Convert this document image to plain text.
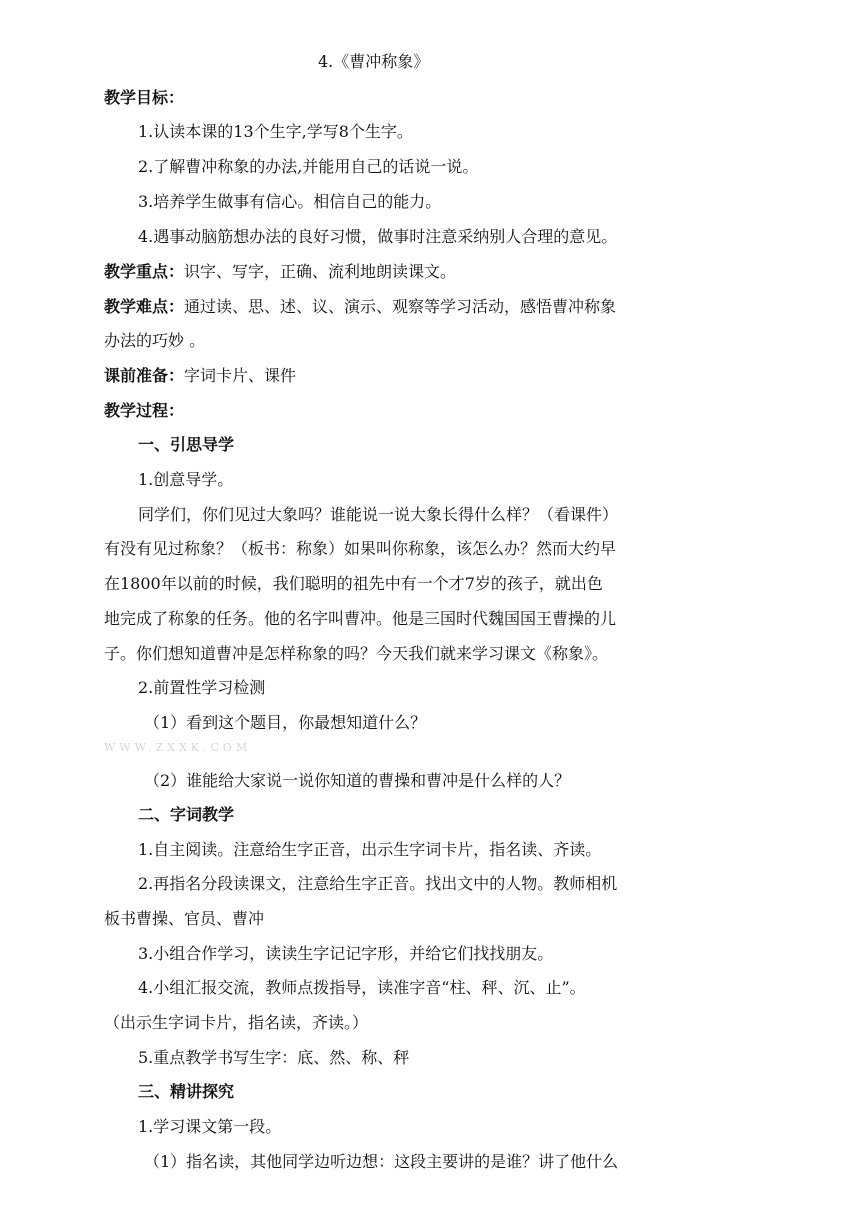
4.《曹冲称象》
教学目标：
1.认读本课的13个生字,学写8个生字。
2.了解曹冲称象的办法,并能用自己的话说一说。
3.培养学生做事有信心。相信自己的能力。
4.遇事动脑筋想办法的良好习惯，做事时注意采纳别人合理的意见。
教学重点：识字、写字，正确、流利地朗读课文。
教学难点：通过读、思、述、议、演示、观察等学习活动，感悟曹冲称象
办法的巧妙 。
课前准备：字词卡片、课件
教学过程：
一、引思导学
1.创意导学。
同学们，你们见过大象吗？谁能说一说大象长得什么样？（看课件）
有没有见过称象？（板书：称象）如果叫你称象，该怎么办？然而大约早
在1800年以前的时候，我们聪明的祖先中有一个才7岁的孩子，就出色
地完成了称象的任务。他的名字叫曹冲。他是三国时代魏国国王曹操的儿
子。你们想知道曹冲是怎样称象的吗？今天我们就来学习课文《称象》。
2.前置性学习检测
（1）看到这个题目，你最想知道什么？
WWW.ZXXK.COM
（2）谁能给大家说一说你知道的曹操和曹冲是什么样的人？
二、字词教学
1.自主阅读。注意给生字正音，出示生字词卡片，指名读、齐读。
2.再指名分段读课文，注意给生字正音。找出文中的人物。教师相机
板书曹操、官员、曹冲
3.小组合作学习，读读生字记记字形，并给它们找找朋友。
4.小组汇报交流，教师点拨指导，读准字音“柱、秤、沉、止”。
（出示生字词卡片，指名读，齐读。）
5.重点教学书写生字：底、然、称、秤
三、精讲探究
1.学习课文第一段。
（1）指名读，其他同学边听边想：这段主要讲的是谁？讲了他什么
